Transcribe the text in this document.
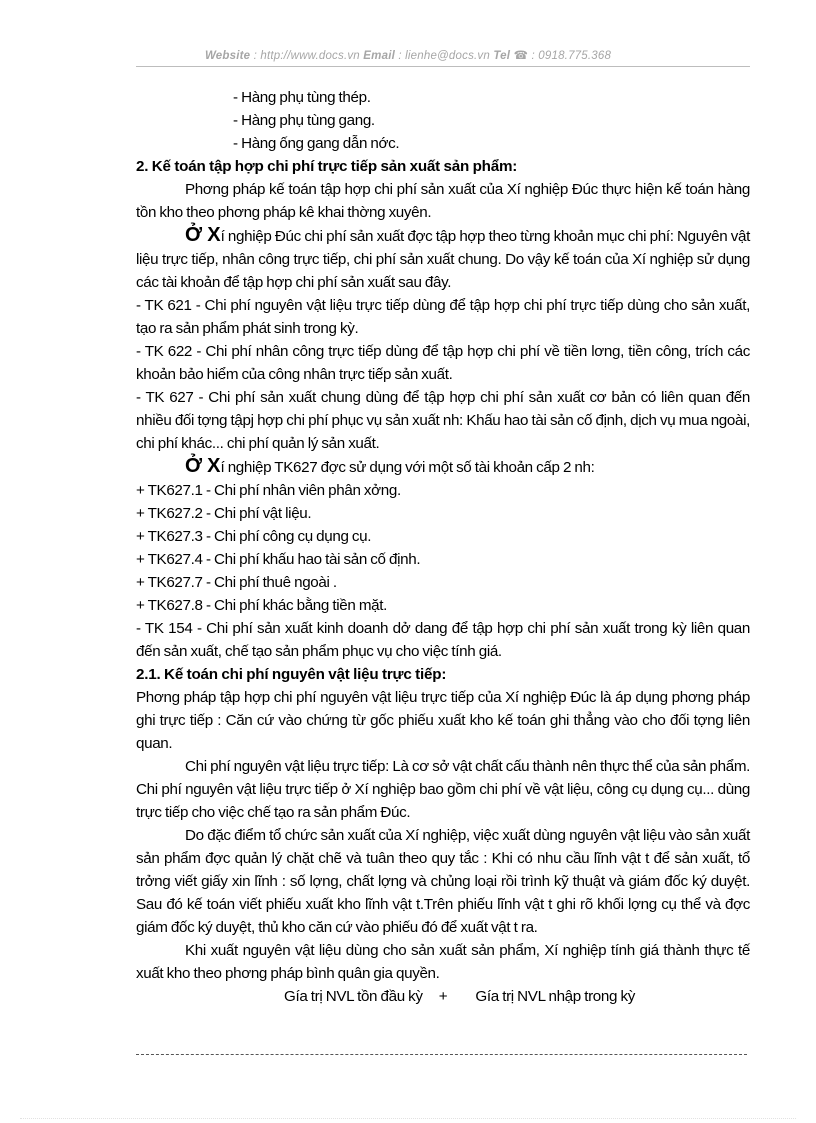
Website : http://www.docs.vn Email : lienhe@docs.vn Tel ☎ : 0918.775.368

- Hàng phụ tùng thép.

- Hàng phụ tùng gang.

- Hàng ống gang dẫn nớc.

2. Kế toán tập hợp chi phí trực tiếp sản xuất sản phẩm:

Phơng pháp kế toán tập hợp chi phí sản xuất của Xí nghiệp Đúc thực hiện kế toán hàng tồn kho theo phơng pháp kê khai thờng xuyên.

Ở Xí nghiệp Đúc chi phí sản xuất đợc tập hợp theo từng khoản mục chi phí: Nguyên vật liệu trực tiếp, nhân công trực tiếp, chi phí sản xuất chung. Do vậy kế toán của Xí nghiệp sử dụng các tài khoản để tập hợp chi phí sản xuất sau đây.

- TK 621 - Chi phí nguyên vật liệu trực tiếp dùng để tập hợp chi phí trực tiếp dùng cho sản xuất, tạo ra sản phẩm phát sinh trong kỳ.

- TK 622 - Chi phí nhân công trực tiếp dùng để tập hợp chi phí về tiền lơng, tiền công, trích các khoản bảo hiểm của công nhân trực tiếp sản xuất.

- TK 627 - Chi phí sản xuất chung dùng để tập hợp chi phí sản xuất cơ bản có liên quan đến nhiều đối tợng tậpj hợp chi phí phục vụ sản xuất nh: Khấu hao tài sản cố định, dịch vụ mua ngoài, chi phí khác... chi phí quản lý sản xuất.

Ở Xí nghiệp TK627 đợc sử dụng với một số tài khoản cấp 2 nh:

+ TK627.1 - Chi phí nhân viên phân xởng.

+ TK627.2 - Chi phí vật liệu.

+ TK627.3 - Chi phí công cụ dụng cụ.

+ TK627.4 - Chi phí khấu hao tài sản cố định.

+ TK627.7 - Chi phí thuê ngoài .

+ TK627.8 - Chi phí khác bằng tiền mặt.

- TK 154 - Chi phí sản xuất kinh doanh dở dang để tập hợp chi phí sản xuất trong kỳ liên quan đến sản xuất, chế tạo sản phẩm phục vụ cho việc tính giá.

2.1. Kế toán chi phí nguyên vật liệu trực tiếp:

Phơng pháp tập hợp chi phí nguyên vật liệu trực tiếp của Xí nghiệp Đúc là áp dụng phơng pháp ghi trực tiếp : Căn cứ vào chứng từ gốc phiếu xuất kho kế toán ghi thẳng vào cho đối tợng liên quan.

Chi phí nguyên vật liệu trực tiếp: Là cơ sở vật chất cấu thành nên thực thể của sản phẩm. Chi phí nguyên vật liệu trực tiếp ở Xí nghiệp bao gồm chi phí về vật liệu, công cụ dụng cụ... dùng trực tiếp cho việc chế tạo ra sản phẩm Đúc.

Do đặc điểm tổ chức sản xuất của Xí nghiệp, việc xuất dùng nguyên vật liệu vào sản xuất sản phẩm đợc quản lý chặt chẽ và tuân theo quy tắc : Khi có nhu cầu lĩnh vật t để sản xuất, tổ trởng viết giấy xin lĩnh : số lợng, chất lợng và chủng loại rồi trình kỹ thuật và giám đốc ký duyệt. Sau đó kế toán viết phiếu xuất kho lĩnh vật t.Trên phiếu lĩnh vật t ghi rõ khối lợng cụ thể và đợc giám đốc ký duyệt, thủ kho căn cứ vào phiếu đó để xuất vật t ra.

Khi xuất nguyên vật liệu dùng cho sản xuất sản phẩm, Xí nghiệp tính giá thành thực tế xuất kho theo phơng pháp bình quân gia quyền.

Gía trị NVL tồn đầu kỳ + Gía trị NVL nhập trong kỳ
